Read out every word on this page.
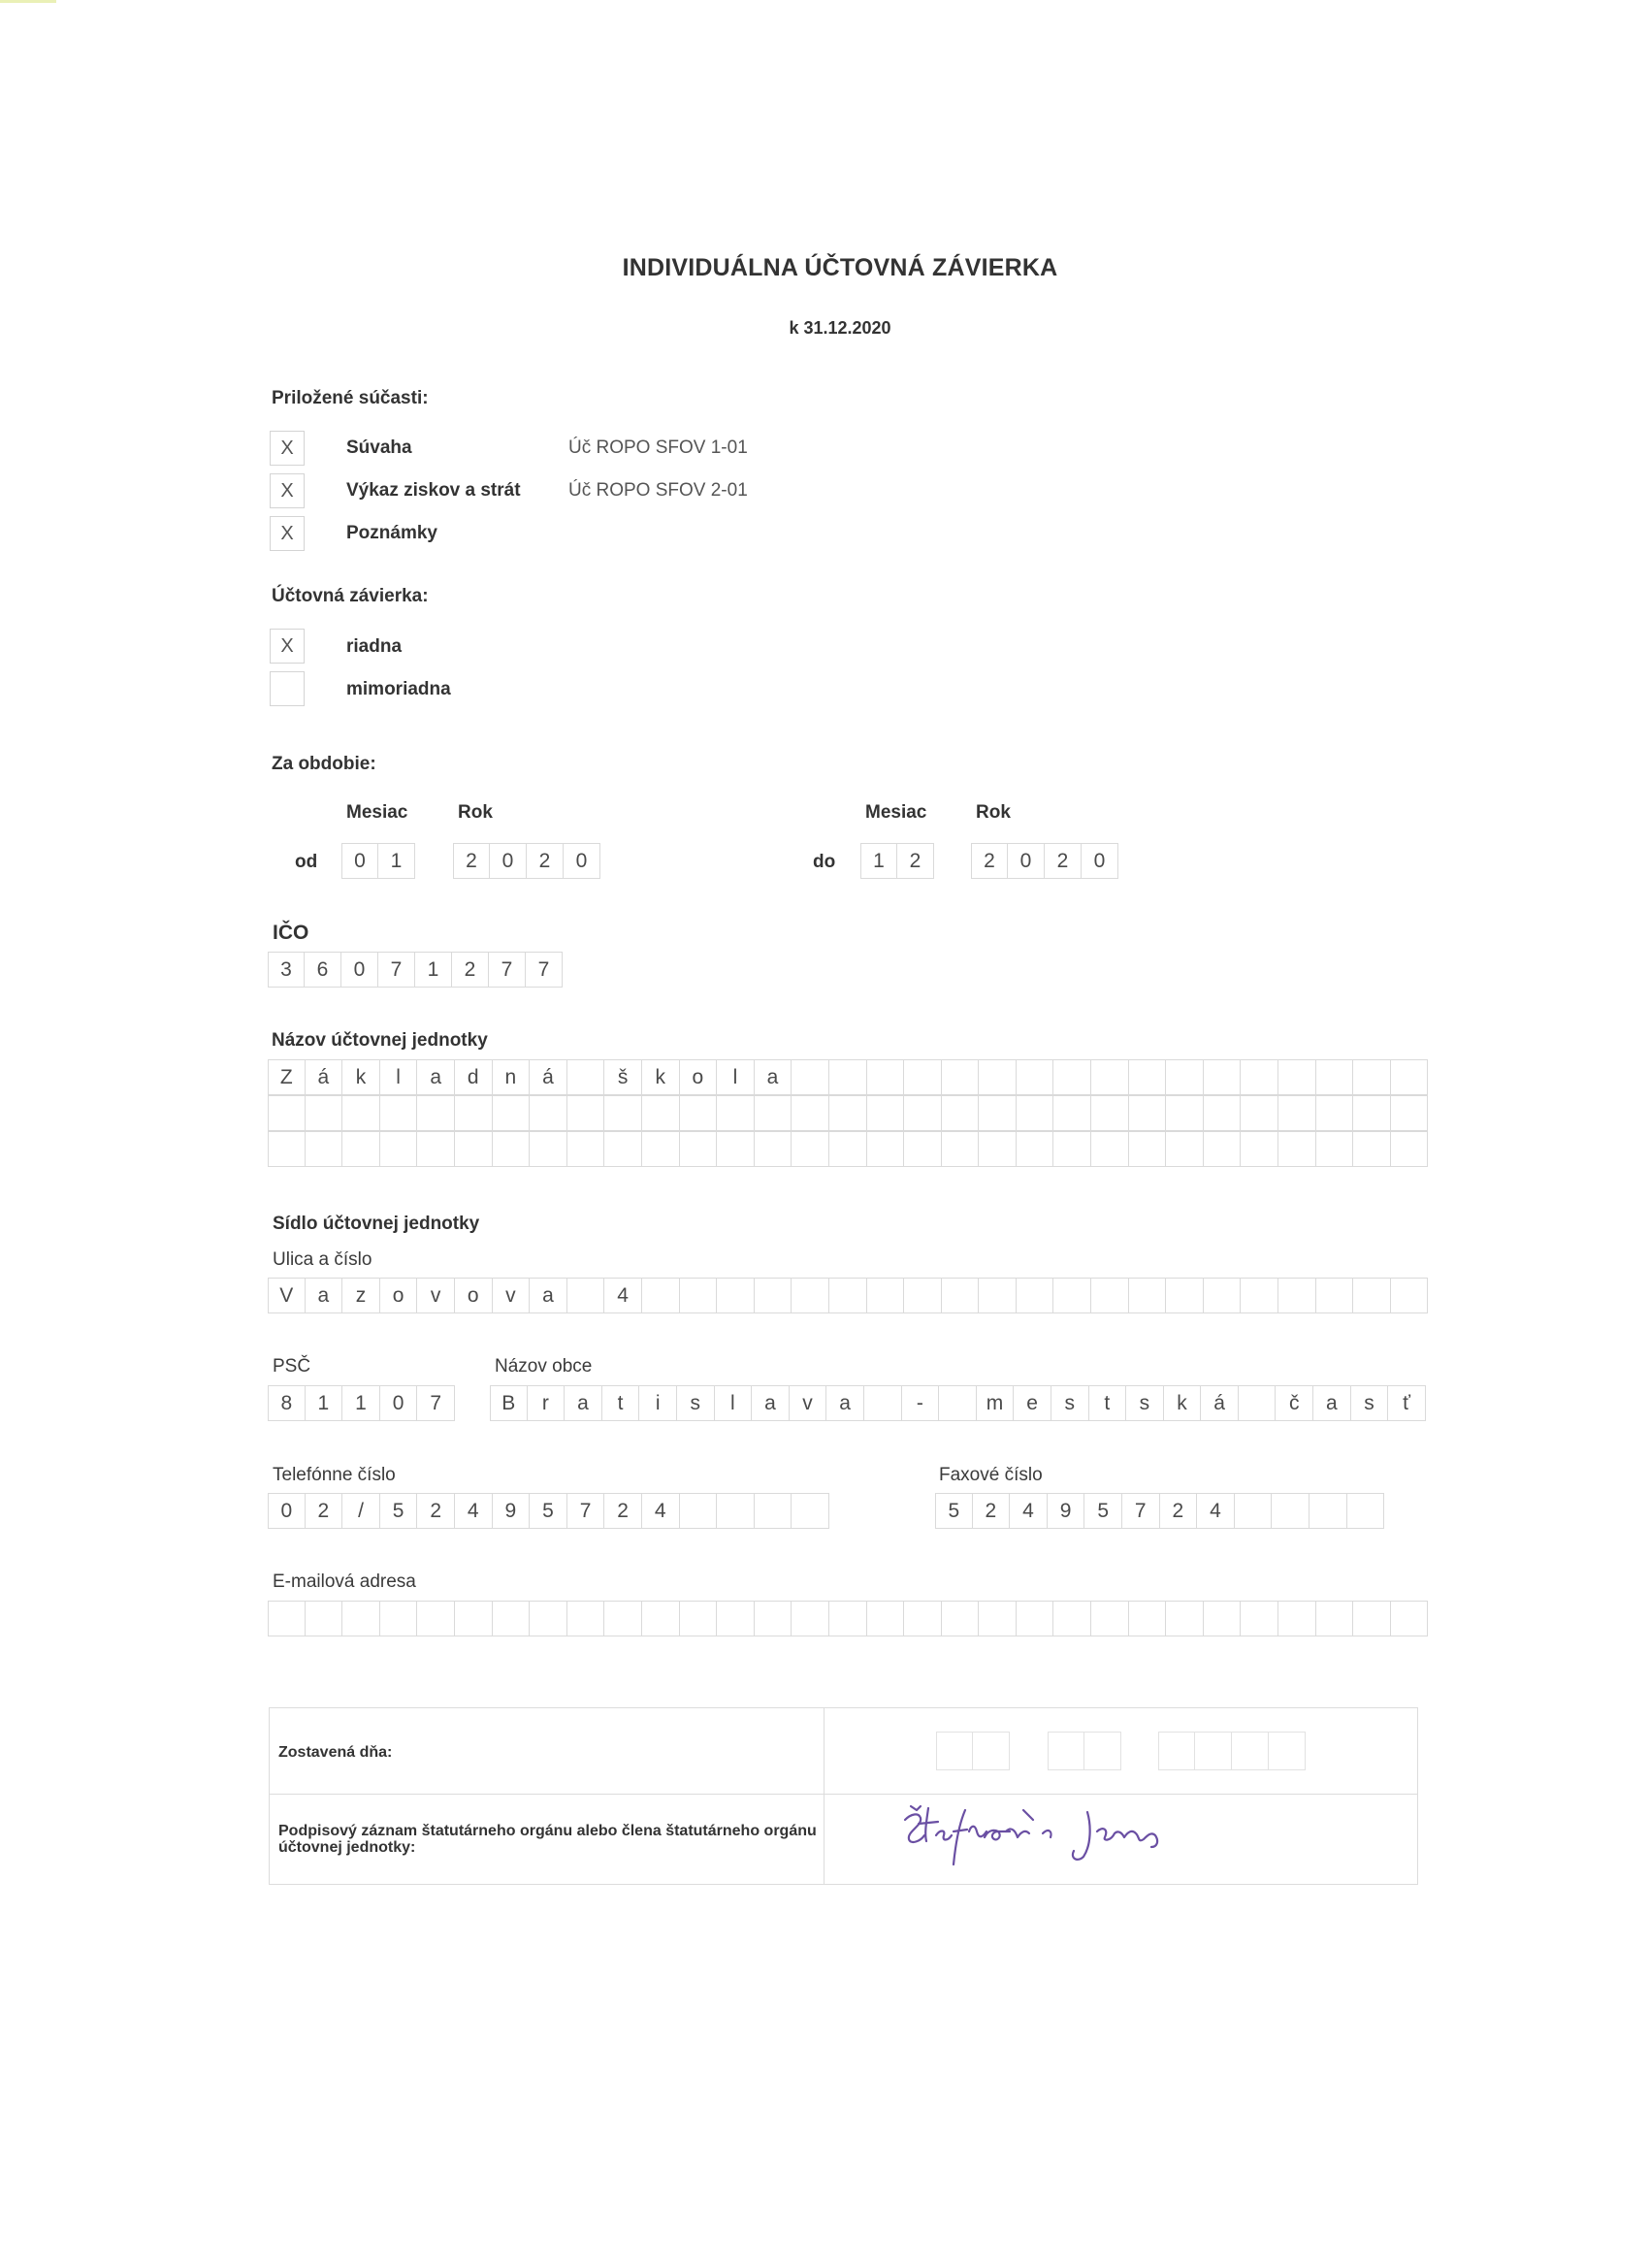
INDIVIDUÁLNA ÚČTOVNÁ ZÁVIERKA
k 31.12.2020
Priložené súčasti:
X	Súvaha	Úč ROPO SFOV 1-01
X	Výkaz ziskov a strát	Úč ROPO SFOV 2-01
X	Poznámky
Účtovná závierka:
X	riadna
mimoriadna
Za obdobie:
Mesiac	Rok	Mesiac	Rok
od	0	1	2	0	2	0	do	1	2	2	0	2	0
IČO
3	6	0	7	1	2	7	7
Názov účtovnej jednotky
Z	á	k	l	a	d	n	á	š	k	o	l	a
Sídlo účtovnej jednotky
Ulica a číslo
V	a	z	o	v	o	v	a	4
PSČ
8	1	1	0	7
Názov obce
B	r	a	t	i	s	l	a	v	a	-	m	e	s	t	s	k	á	č	a	s	ť
Telefónne číslo
0	2	/	5	2	4	9	5	7	2	4
Faxové číslo
5	2	4	9	5	7	2	4
E-mailová adresa
Zostavená dňa:
Podpisový záznam štatutárneho orgánu alebo člena štatutárneho orgánu účtovnej jednotky:
